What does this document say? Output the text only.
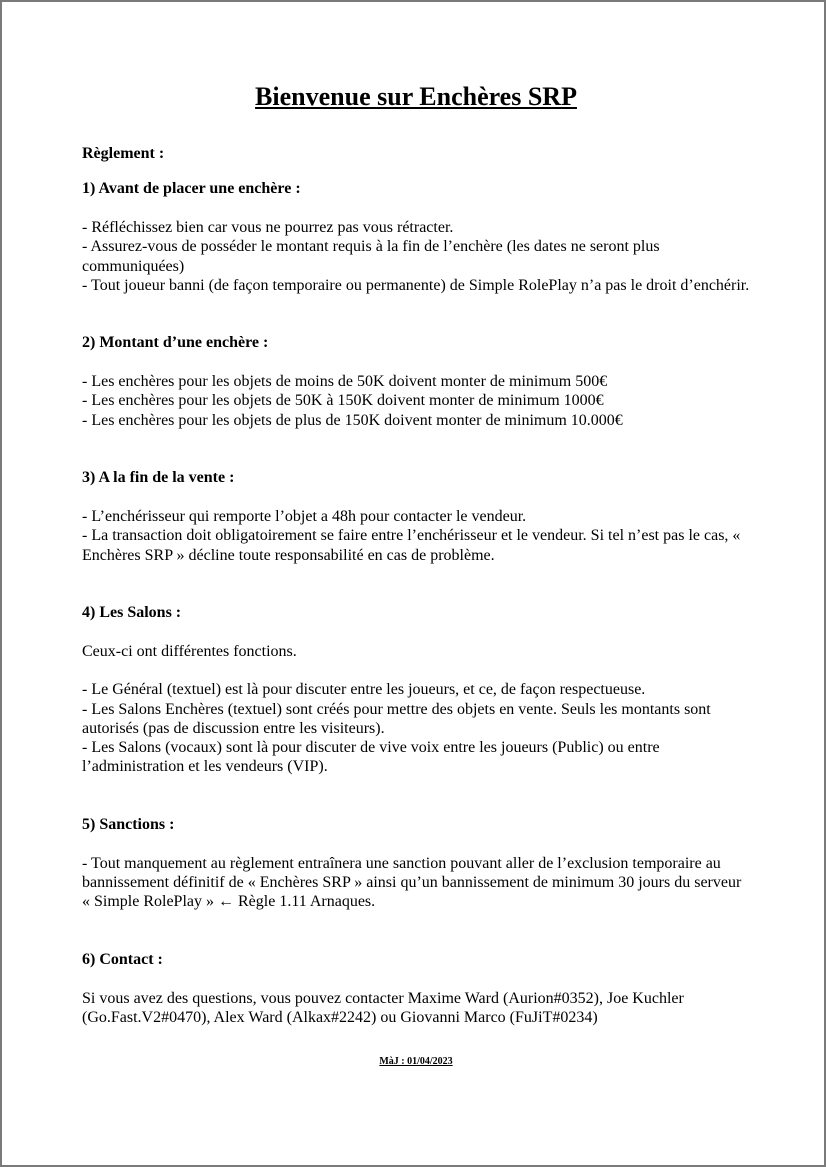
Bienvenue sur Enchères SRP

Règlement :

1) Avant de placer une enchère :

- Réfléchissez bien car vous ne pourrez pas vous rétracter.

- Assurez-vous de posséder le montant requis à la fin de l’enchère (les dates ne seront plus communiquées)

- Tout joueur banni (de façon temporaire ou permanente) de Simple RolePlay n’a pas le droit d’enchérir.

2) Montant d’une enchère :

- Les enchères pour les objets de moins de 50K doivent monter de minimum 500€

- Les enchères pour les objets de 50K à 150K doivent monter de minimum 1000€

- Les enchères pour les objets de plus de 150K doivent monter de minimum 10.000€

3) A la fin de la vente :

- L’enchérisseur qui remporte l’objet a 48h pour contacter le vendeur.

- La transaction doit obligatoirement se faire entre l’enchérisseur et le vendeur. Si tel n’est pas le cas, « Enchères SRP » décline toute responsabilité en cas de problème.

4) Les Salons :

Ceux-ci ont différentes fonctions.

- Le Général (textuel) est là pour discuter entre les joueurs, et ce, de façon respectueuse.

- Les Salons Enchères (textuel) sont créés pour mettre des objets en vente. Seuls les montants sont autorisés (pas de discussion entre les visiteurs).

- Les Salons (vocaux) sont là pour discuter de vive voix entre les joueurs (Public) ou entre l’administration et les vendeurs (VIP).

5) Sanctions :

- Tout manquement au règlement entraînera une sanction pouvant aller de l’exclusion temporaire au bannissement définitif de « Enchères SRP » ainsi qu’un bannissement de minimum 30 jours du serveur « Simple RolePlay » ← Règle 1.11 Arnaques.

6) Contact :

Si vous avez des questions, vous pouvez contacter Maxime Ward (Aurion#0352), Joe Kuchler (Go.Fast.V2#0470), Alex Ward (Alkax#2242) ou Giovanni Marco (FuJiT#0234)

MàJ : 01/04/2023
